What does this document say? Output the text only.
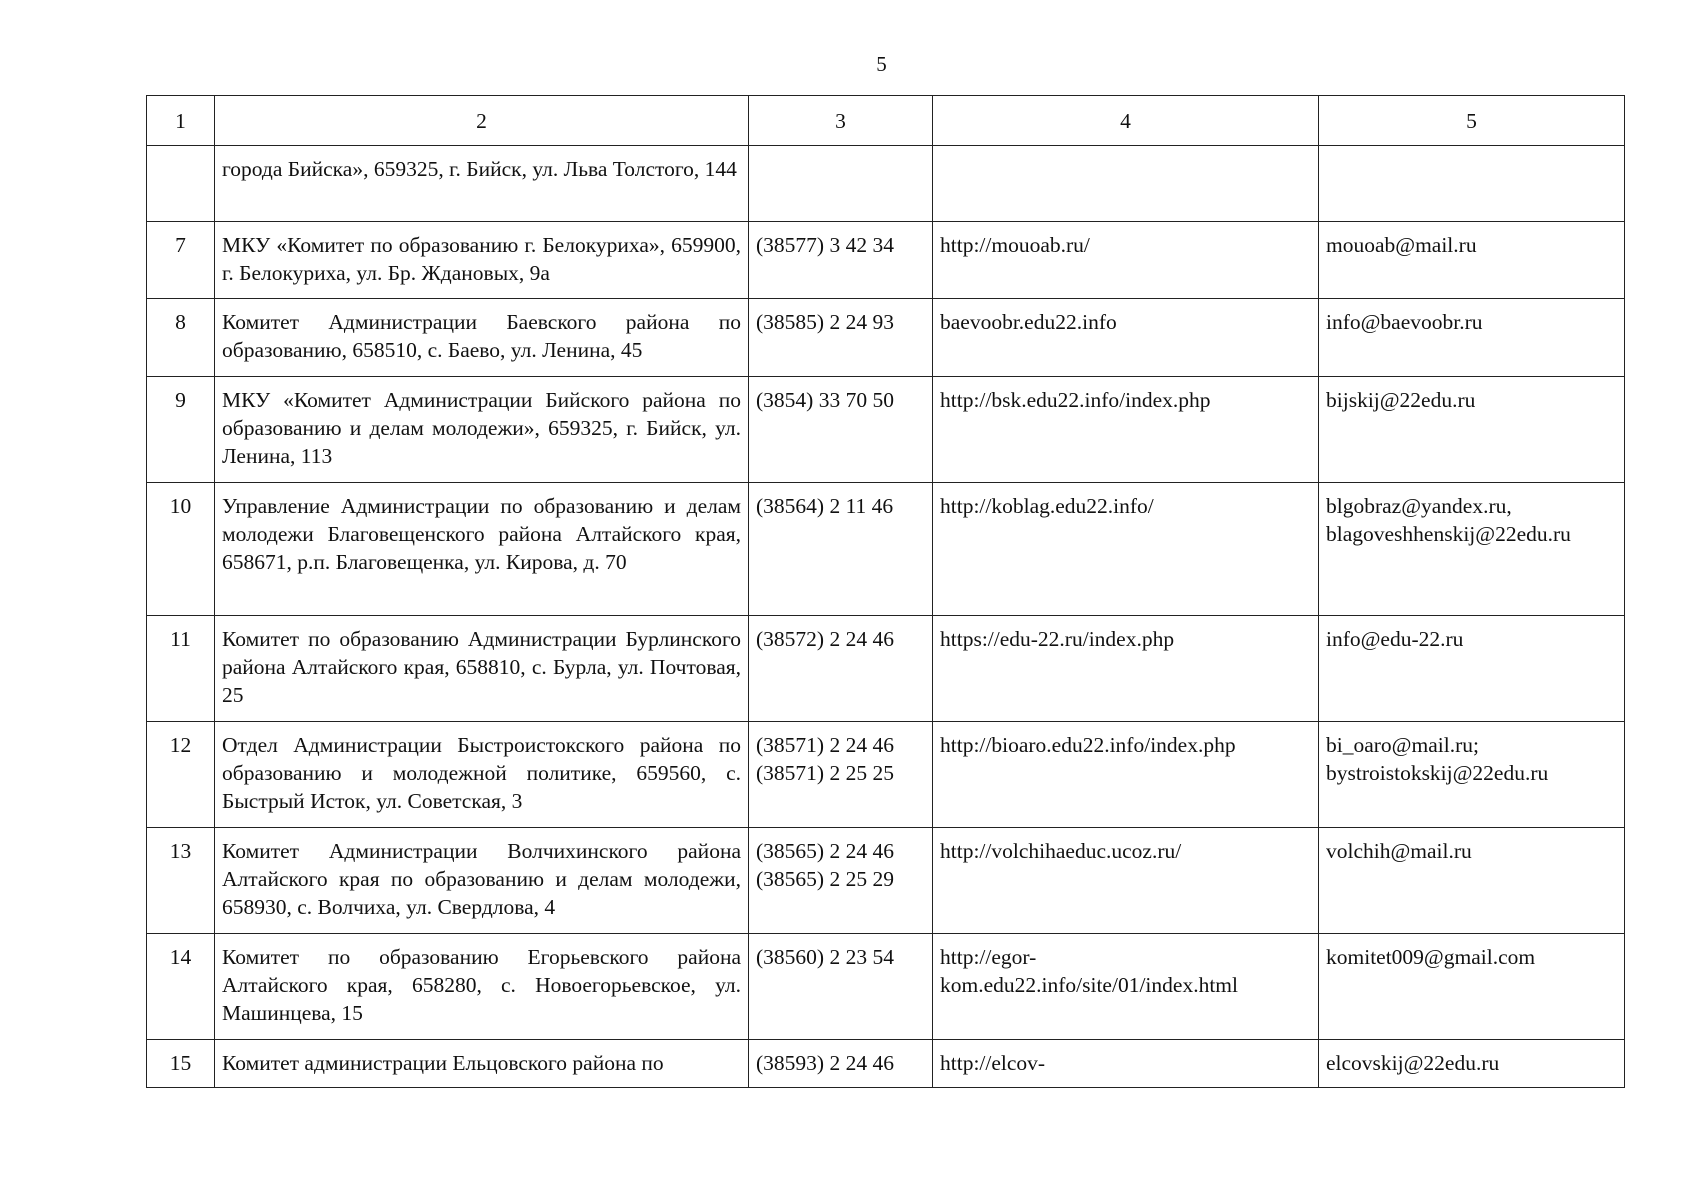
5
1	2	3	4	5
	города Бийска», 659325, г. Бийск, ул. Льва Толстого, 144	

7	МКУ «Комитет по образованию г. Белокуриха», 659900, г. Белокуриха, ул. Бр. Ждановых, 9а	(38577) 3 42 34	http://mouoab.ru/	mouoab@mail.ru

8	Комитет Администрации Баевского района по образованию, 658510, с. Баево, ул. Ленина, 45	(38585) 2 24 93	baevoobr.edu22.info	info@baevoobr.ru

9	МКУ «Комитет Администрации Бийского района по образованию и делам молодежи», 659325, г. Бийск, ул. Ленина, 113	(3854) 33 70 50	http://bsk.edu22.info/index.php	bijskij@22edu.ru

10	Управление Администрации по образованию и делам молодежи Благовещенского района Алтайского края, 658671, р.п. Благовещенка, ул. Кирова, д. 70	(38564) 2 11 46	http://koblag.edu22.info/	blgobraz@yandex.ru,
blagoveshhenskij@22edu.ru

11	Комитет по образованию Администрации Бурлинского района Алтайского края, 658810, с. Бурла, ул. Почтовая, 25	(38572) 2 24 46	https://edu-22.ru/index.php	info@edu-22.ru

12	Отдел Администрации Быстроистокского района по образованию и молодежной политике, 659560, с. Быстрый Исток, ул. Советская, 3	(38571) 2 24 46
(38571) 2 25 25	http://bioaro.edu22.info/index.php	bi_oaro@mail.ru;
bystroistokskij@22edu.ru

13	Комитет Администрации Волчихинского района Алтайского края по образованию и делам молодежи, 658930, с. Волчиха, ул. Свердлова, 4	(38565) 2 24 46
(38565) 2 25 29	http://volchihaeduc.ucoz.ru/	volchih@mail.ru

14	Комитет по образованию Егорьевского района Алтайского края, 658280, с. Новоегорьевское, ул. Машинцева, 15	(38560) 2 23 54	http://egor-
kom.edu22.info/site/01/index.html	komitet009@gmail.com

15	Комитет администрации Ельцовского района по	(38593) 2 24 46	http://elcov-	elcovskij@22edu.ru
